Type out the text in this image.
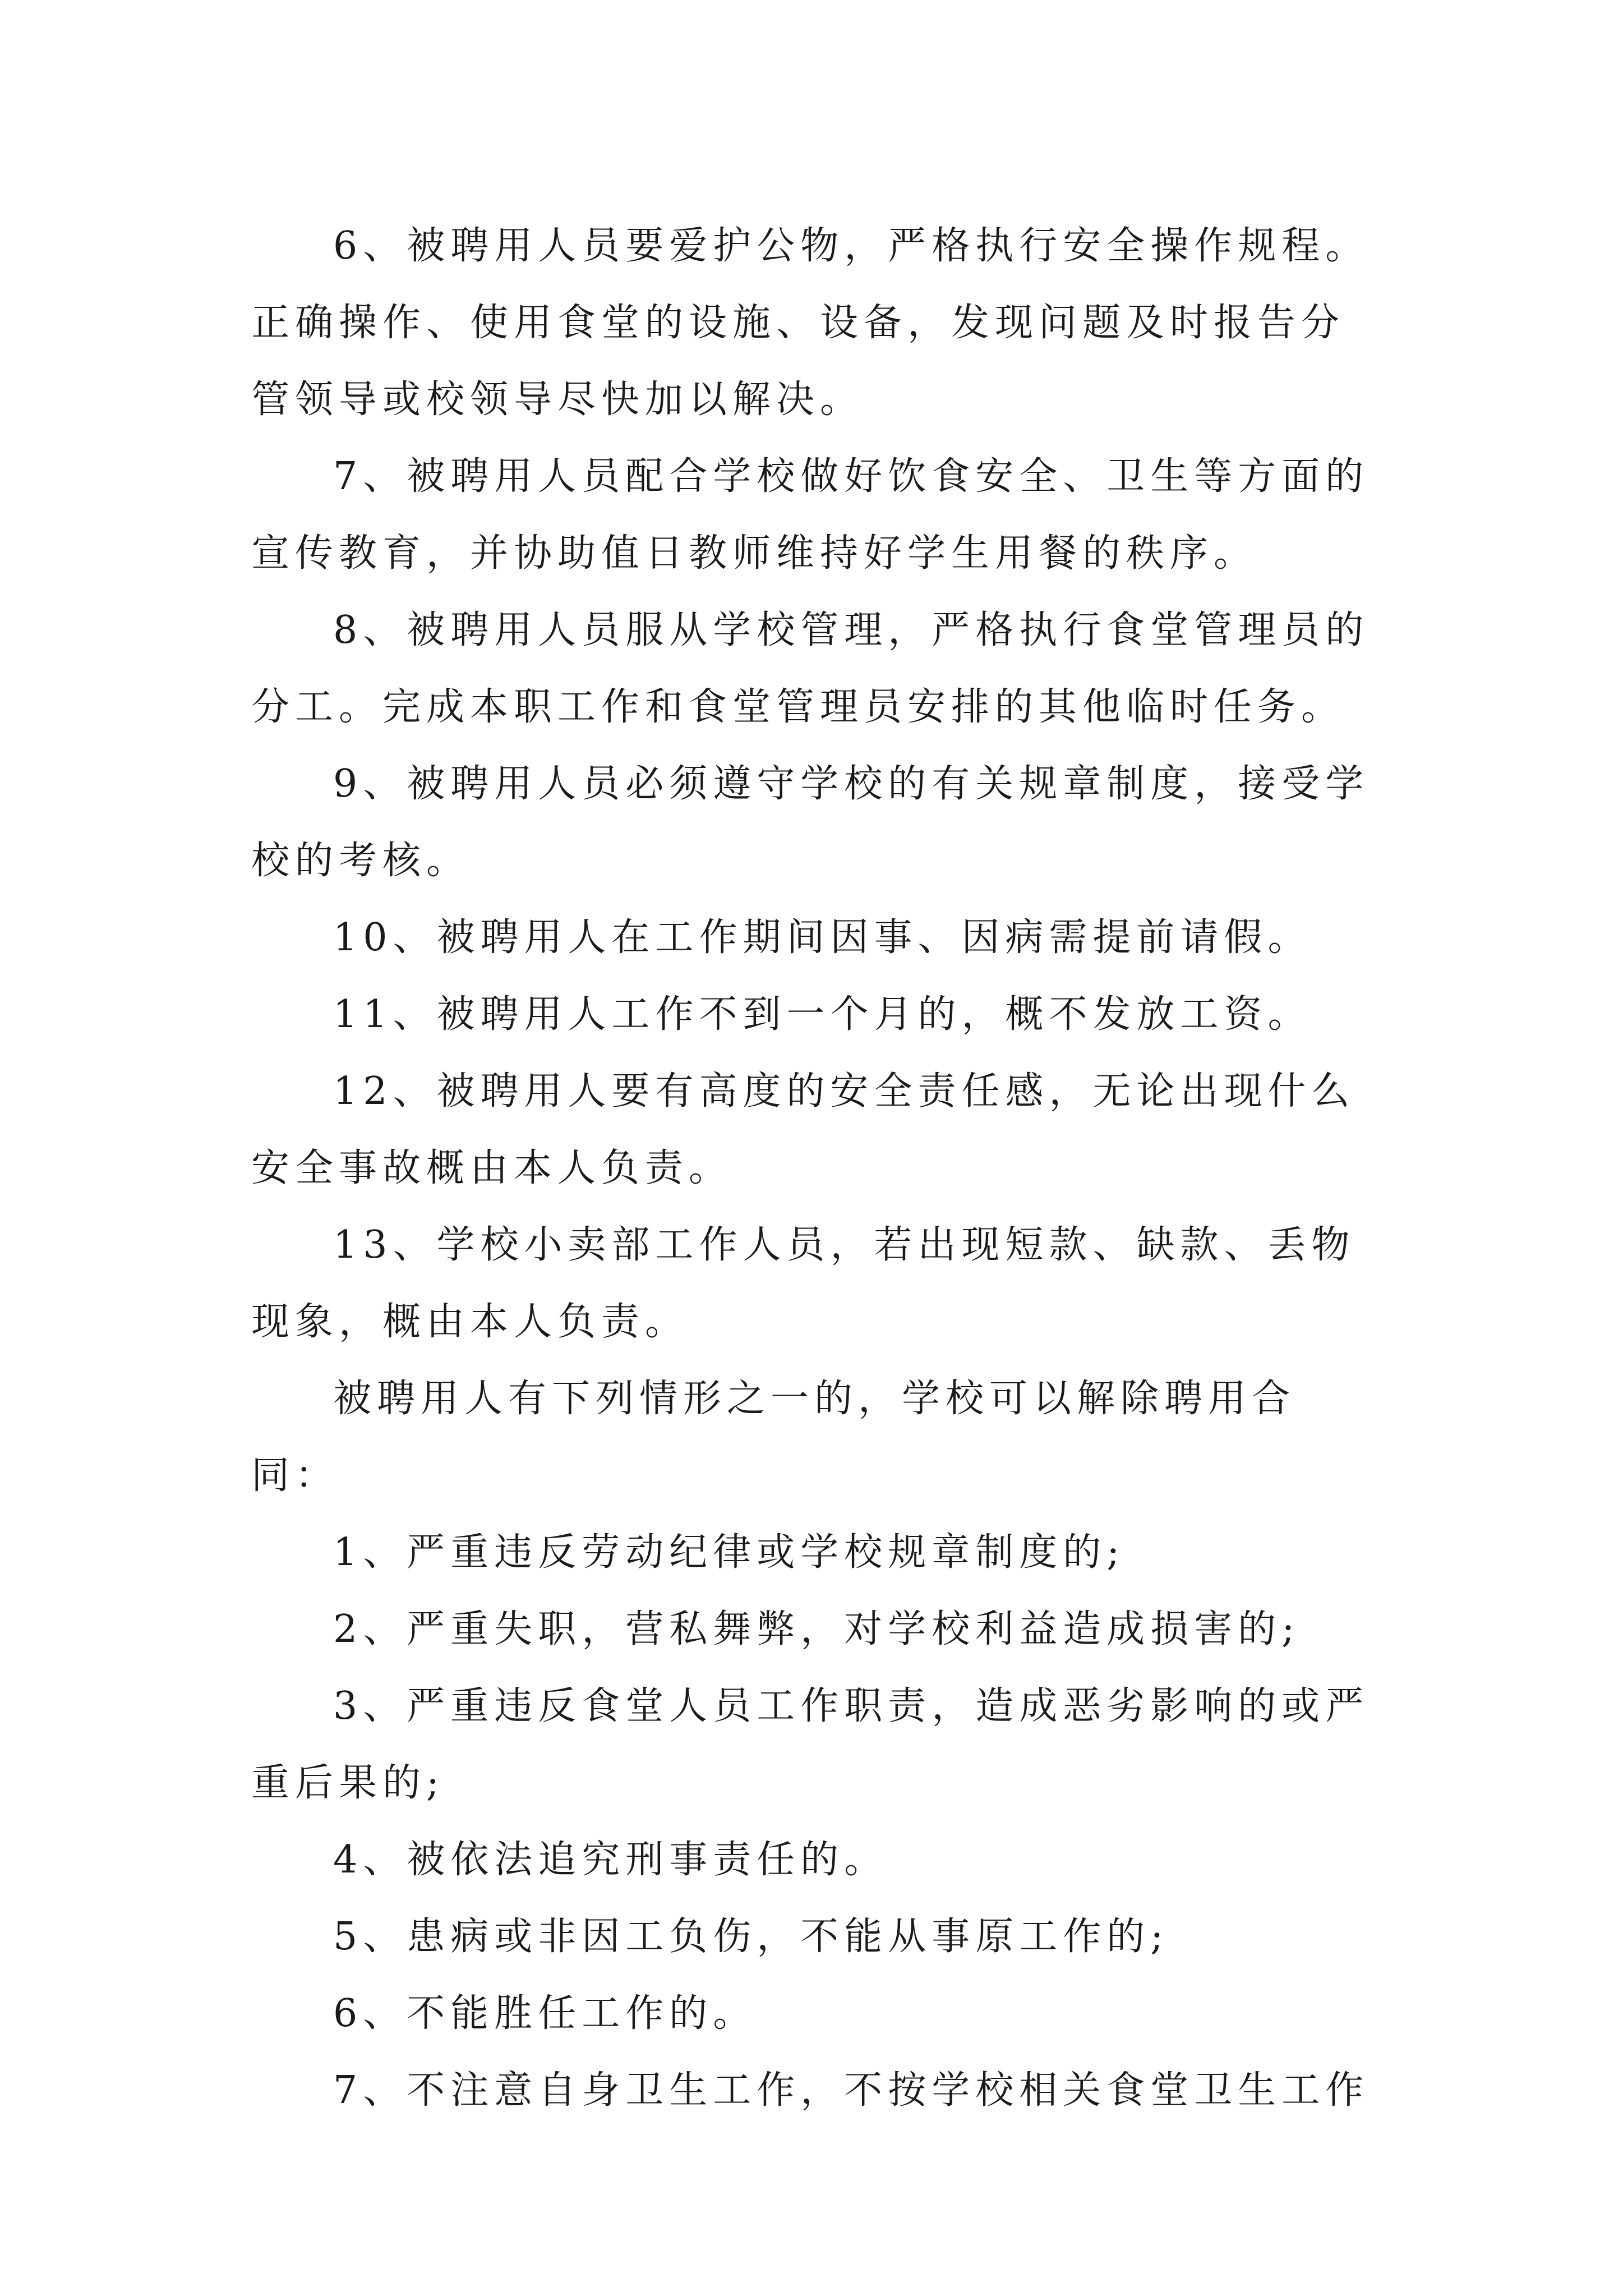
6、被聘用人员要爱护公物，严格执行安全操作规程。正确操作、使用食堂的设施、设备，发现问题及时报告分管领导或校领导尽快加以解决。

7、被聘用人员配合学校做好饮食安全、卫生等方面的宣传教育，并协助值日教师维持好学生用餐的秩序。

8、被聘用人员服从学校管理，严格执行食堂管理员的分工。完成本职工作和食堂管理员安排的其他临时任务。

9、被聘用人员必须遵守学校的有关规章制度，接受学校的考核。

10、被聘用人在工作期间因事、因病需提前请假。

11、被聘用人工作不到一个月的，概不发放工资。

12、被聘用人要有高度的安全责任感，无论出现什么安全事故概由本人负责。

13、学校小卖部工作人员，若出现短款、缺款、丢物现象，概由本人负责。

被聘用人有下列情形之一的，学校可以解除聘用合同：

1、严重违反劳动纪律或学校规章制度的;

2、严重失职，营私舞弊，对学校利益造成损害的;

3、严重违反食堂人员工作职责，造成恶劣影响的或严重后果的;

4、被依法追究刑事责任的。

5、患病或非因工负伤，不能从事原工作的;

6、不能胜任工作的。

7、不注意自身卫生工作，不按学校相关食堂卫生工作
